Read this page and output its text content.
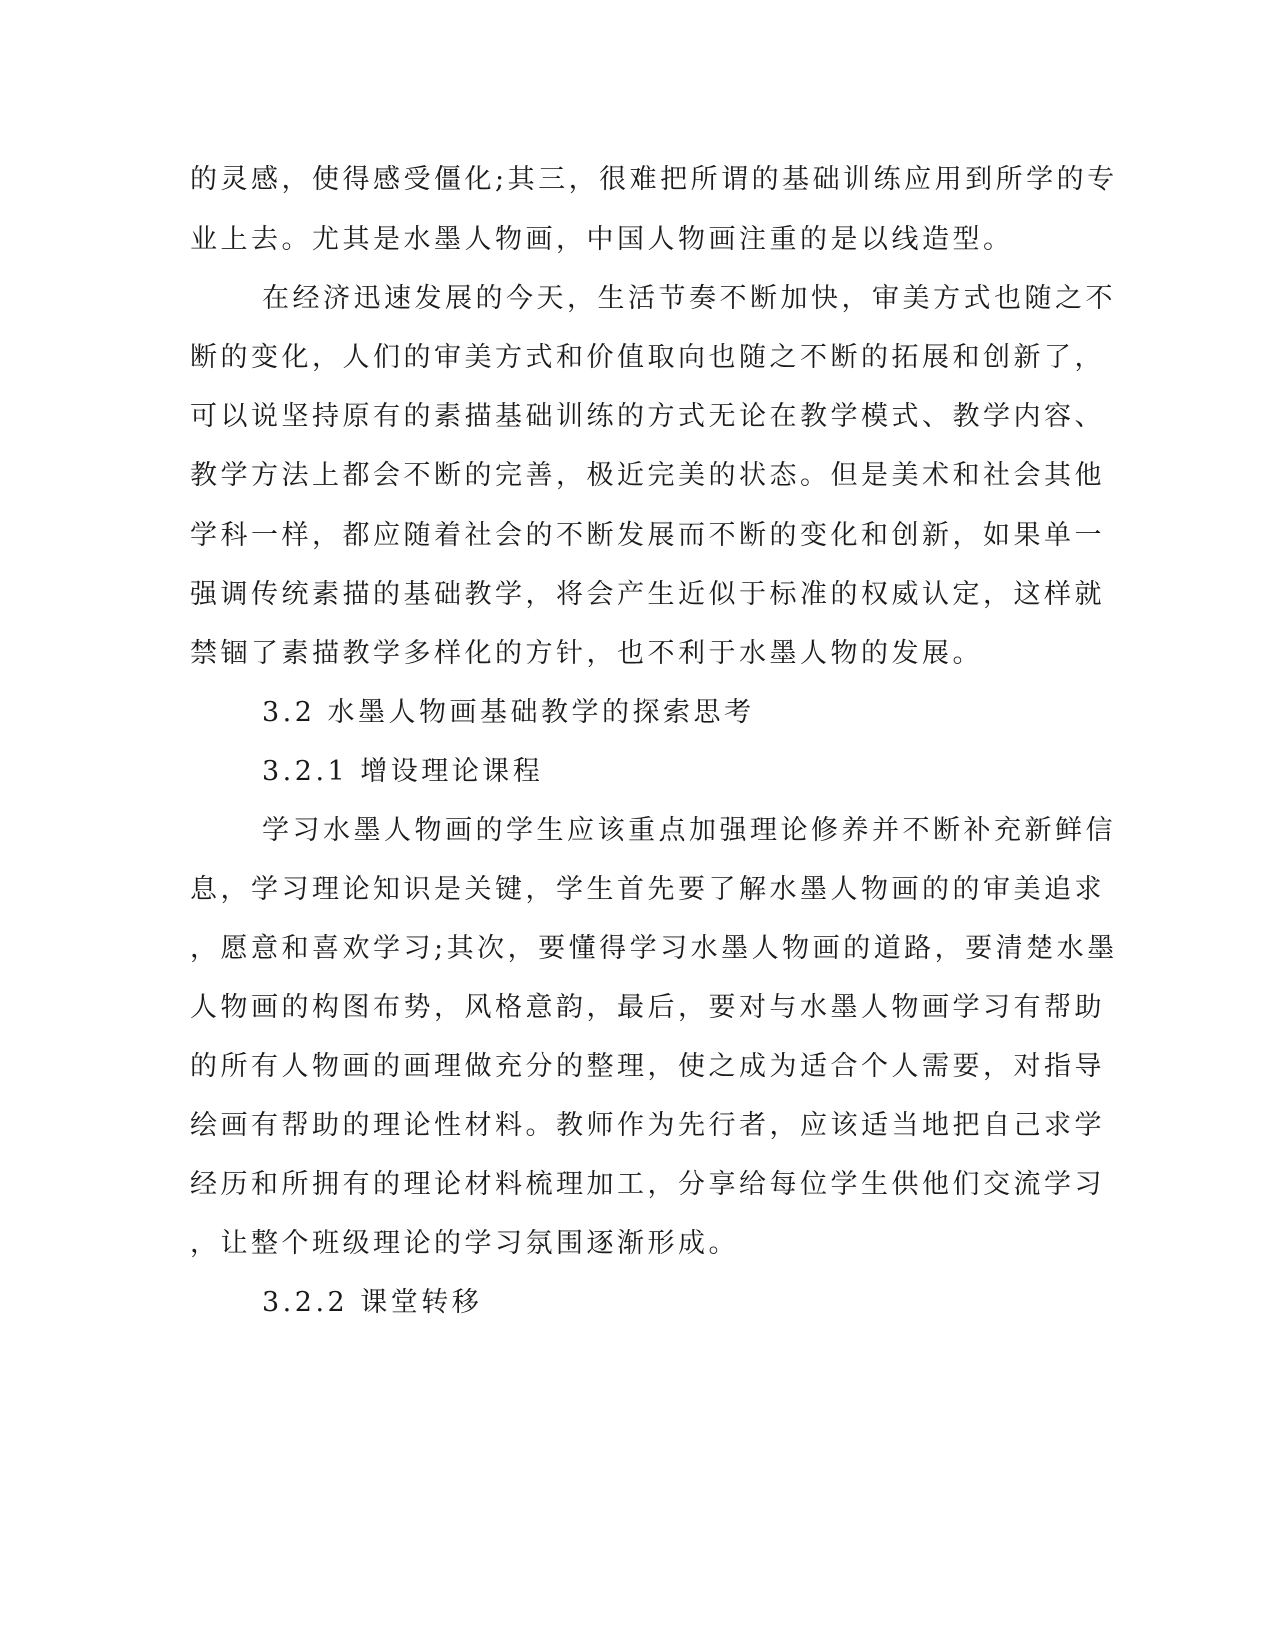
的灵感，使得感受僵化;其三，很难把所谓的基础训练应用到所学的专
业上去。尤其是水墨人物画，中国人物画注重的是以线造型。
在经济迅速发展的今天，生活节奏不断加快，审美方式也随之不
断的变化，人们的审美方式和价值取向也随之不断的拓展和创新了，
可以说坚持原有的素描基础训练的方式无论在教学模式、教学内容、
教学方法上都会不断的完善，极近完美的状态。但是美术和社会其他
学科一样，都应随着社会的不断发展而不断的变化和创新，如果单一
强调传统素描的基础教学，将会产生近似于标准的权威认定，这样就
禁锢了素描教学多样化的方针，也不利于水墨人物的发展。
3.2 水墨人物画基础教学的探索思考
3.2.1 增设理论课程
学习水墨人物画的学生应该重点加强理论修养并不断补充新鲜信
息，学习理论知识是关键，学生首先要了解水墨人物画的的审美追求
，愿意和喜欢学习;其次，要懂得学习水墨人物画的道路，要清楚水墨
人物画的构图布势，风格意韵，最后，要对与水墨人物画学习有帮助
的所有人物画的画理做充分的整理，使之成为适合个人需要，对指导
绘画有帮助的理论性材料。教师作为先行者，应该适当地把自己求学
经历和所拥有的理论材料梳理加工，分享给每位学生供他们交流学习
，让整个班级理论的学习氛围逐渐形成。
3.2.2 课堂转移
